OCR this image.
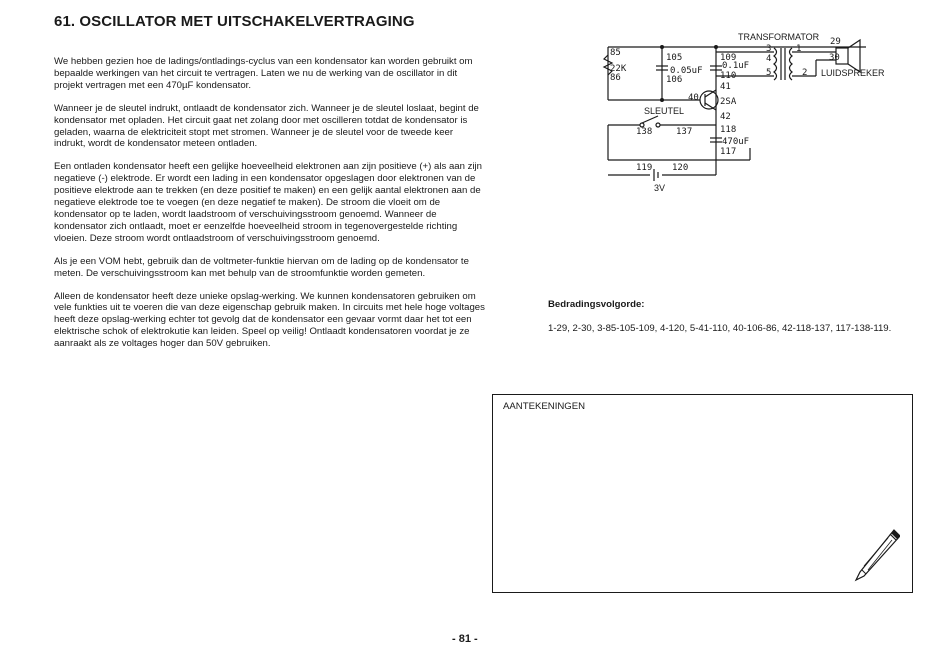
61. OSCILLATOR MET UITSCHAKELVERTRAGING

We hebben gezien hoe de ladings/ontladings-cyclus van een kondensator kan worden gebruikt om bepaalde werkingen van het circuit te vertragen. Laten we nu de werking van de oscillator in dit projekt vertragen met een 470µF kondensator.

Wanneer je de sleutel indrukt, ontlaadt de kondensator zich. Wanneer je de sleutel loslaat, begint de kondensator met opladen. Het circuit gaat net zolang door met oscilleren totdat de kondensator is geladen, waarna de elektriciteit stopt met stromen. Wanneer je de sleutel voor de tweede keer indrukt, wordt de kondensator meteen ontladen.

Een ontladen kondensator heeft een gelijke hoeveelheid elektronen aan zijn positieve (+) als aan zijn negatieve (-) elektrode. Er wordt een lading in een kondensator opgeslagen door elektronen van de positieve elektrode aan te trekken (en deze positief te maken) en een gelijk aantal elektronen aan de negatieve elektrode toe te voegen (en deze negatief te maken). De stroom die vloeit om de kondensator op te laden, wordt laadstroom of verschuivingsstroom genoemd. Wanneer de kondensator zich ontlaadt, moet er eenzelfde hoeveelheid stroom in tegenovergestelde richting vloeien. Deze stroom wordt ontlaadstroom of verschuivingsstroom genoemd.

Als je een VOM hebt, gebruik dan de voltmeter-funktie hiervan om de lading op de kondensator te meten. De verschuivingsstroom kan met behulp van de stroomfunktie worden gemeten.

Alleen de kondensator heeft deze unieke opslag-werking. We kunnen kondensatoren gebruiken om vele funkties uit te voeren die van deze eigenschap gebruik maken. In circuits met hele hoge voltages heeft deze opslag-werking echter tot gevolg dat de kondensator een gevaar vormt daar het tot een elektrische schok of elektrokutie kan leiden. Speel op veilig! Ontlaadt kondensatoren voordat je ze aanraakt als ze voltages hoger dan 50V gebruiken.

TRANSFORMATOR
LUIDSPREKER
SLEUTEL
22K	0.05uF 0.1uF
470uF
2SA
3V
85
86
105
106
109
110
41
40
42
118
117
137
138
119 120
29
30
1
2
3
4
5

Bedradingsvolgorde:

1-29, 2-30, 3-85-105-109, 4-120, 5-41-110, 40-106-86, 42-118-137, 117-138-119.

AANTEKENINGEN

- 81 -
